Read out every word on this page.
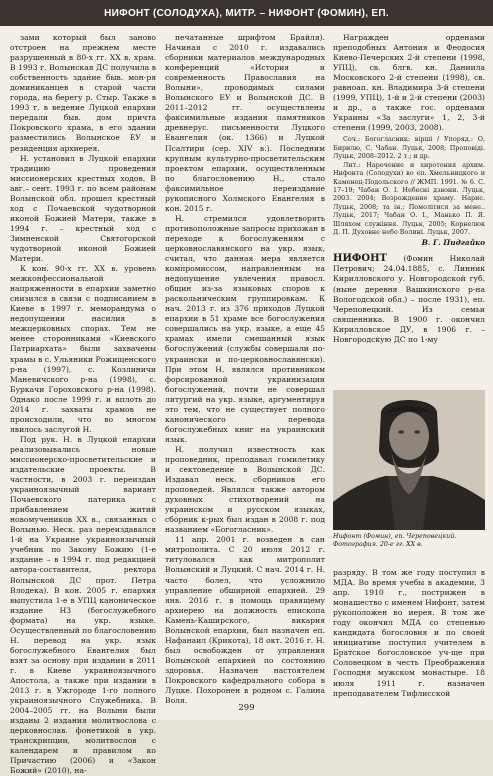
НИФОНТ (СОЛОДУХА), МИТР. – НИФОНТ (ФОМИН), ЕП.

зами который был заново отстроен на прежнем месте разрушенный в 80-х гг. XX в. храм. В 1993 г. Волынская ДС получила в собственность здание быв. мон-ря доминиканцев в старой части города, на берегу р. Стыр. Также в 1993 г. в ведение Луцкой епархии передали быв. дом причта Покровского храма, в его здании разместились Волынское ЕУ и резиденция архиерея.

Н. установил в Луцкой епархии традицию проведения миссионерских крестных ходов. В авг.– сент. 1993 г. по всем районам Волынской обл. прошел крестный ход с Почаевской чудотворной иконой Божией Матери, также в 1994 г. – крестный ход с Зимненской Святогорской чудотворной иконой Божией Матери.

К кон. 90-х гг. XX в. уровень межконфессиональной напряженности в епархии заметно снизился в связи с подписанием в Киеве в 1997 г. меморандума о недопущении насилия в межцерковных спорах. Тем не менее сторонниками «Киевского Патриархата» были захвачены храмы в с. Ульяники Рожищенского р-на (1997), с. Козлиничи Маневичского р-на (1998), с. Буркачи Гороховского р-на (1998). Однако после 1999 г. и вплоть до 2014 г. захваты храмов не происходили, что во многом явилось заслугой Н.

Под рук. Н. в Луцкой епархии реализовывались новые миссионерско-просветительские и издательские проекты. В частности, в 2003 г. переиздан украиноязычный вариант Почаевского патерика с прибавлением житий новомучеников ХХ в., связанных с Волынью. Неск. раз переиздавался 1-й на Украине украиноязычный учебник по Закону Божию (1-е издание – в 1994 г. под редакцией автора-составителя, ректора Волынской ДС прот. Петра Влодека). В кон. 2005 г. епархия выпустила 1-е в УПЦ каноническое издание НЗ (богослужебного формата) на укр. языке. Осуществленный по благословению Н. перевод на укр. язык богослужебного Евангелия был взят за основу при издании в 2011 г. в Киеве украиноязычного Апостола, а также при издании в 2013 г. в Ужгороде 1-го полного украиноязычного Служебника. В 2004–2005 гг. на Волыни были изданы 2 издания молитвослова с церковнослав. фонетикой в укр. транскрипции, молитвослов с календарем и правилом ко Причастию (2006) и «Закон Божий» (2010), на-

печатанные шрифтом Брайля). Начиная с 2010 г. издавались сборники материалов международных конференций «История и современность Православия на Волыни», проводимых силами Волынского ЕУ и Волынской ДС. В 2011–2012 гг. осуществлены факсимильные издания памятников древнерус. письменности Луцкого Евангелия (ок. 1366) и Луцкой Псалтири (сер. XIV в.). Последним крупным культурно-просветительским проектом епархии, осуществленным по благословению Н., стало факсимильное переиздание рукописного Холмского Евангелия в кон. 2015 г.

Н. стремился удовлетворять противоположные запросы прихожан в переходе к богослужениям с церковнославянского на укр. язык, считал, что данная мера является компромиссом, направленным на недопущение увлечения правосл. общин из-за языковых споров к раскольническим группировкам. К нач. 2013 г. из 376 приходов Луцкой епархии в 51 храме все богослужения совершались на укр. языке, а еще 45 храмах имели смешанный язык богослужений (службы совершали по-украински и по-церковнославянски). При этом Н. являлся противником форсированной украинизации богослужений, почти не совершал литургий на укр. языке, аргументируя это тем, что не существует полного канонического перевода богослужебных книг на украинский язык.

Н. получил известность как проповедник, преподавал гомилетику и сектоведение в Волынской ДС. Издавал неск. сборников его проповедей. Являлся также автором духовных стихотворений на украинском и русском языках, сборник к-рых был издан в 2008 г. под названием «Богогласник».

11 апр. 2001 г. возведен в сан митрополита. С 20 июля 2012 г. титуловался как митрополит Волынский и Луцкий. С нач. 2014 г. Н. часто болел, что усложнило управление обширной епархией. 29 янв. 2016 г. в помощь правящему архиерею на должность епископа Камень-Каширского, викария Волынской епархии, был назначен еп. Нафанаил (Крикота), 18 окт. 2016 г. Н. был освобожден от управления Волынской епархией по состоянию здоровья. Назначен настоятелем Покровского кафедрального собора в Луцке. Похоронен в родном с. Галина Воля.

Награжден орденами преподобных Антония и Феодосия Киево-Печерских 2-й степени (1998, УПЦ), св. блгв. кн. Даниила Московского 2-й степени (1998), св. равноап. кн. Владимира 3-й степени (1999, УПЦ), 1-й и 2-й степени (2003) и др., а также гос. орденами Украины «За заслуги» 1, 2, 3-й степени (1999, 2003, 2008).

Соч.: Богогласник: вірші / Упоряд.: О. Бирилю, С. Чабан. Луцьк, 2008; Проповіді. Луцьк, 2008–2012. 2 т.; и др.

Лит.: Наречение и хиротония архим. Нифонта (Солодухи) во еп. Хмельницкого и Каменец-Подольского // ЖМП. 1991. № 6. С. 17–19; Чабан О. І. Небесні дзвони. Луцьк, 2003. 2004; Возрождение храму. Нарис. Луцьк, 2008; та ін.; Помолітися за мене.. Луцьк, 2017; Чабан О. І., Манько П. Я. Шляхом служіння. Луцьк, 2005; Корнелюк Д. П. Духовне небо Волині. Луцьк, 2007.

В. Г. Пидгайко

НИФОНТ (Фомин Николай Петрович; 24.04.1885, с. Линник Кирилловского у. Новгородской губ. (ныне деревня Вашкинского р-на Вологодской обл.) – после 1931), еп. Череповецкий. Из семьи священника. В 1900 г. окончил Кирилловское ДУ, в 1906 г. – Новгородскую ДС по 1-му

Нифонт (Фомин), еп. Череповецкий. Фотография. 20-е гг. ХХ в.

разряду. В том же году поступил в МДА. Во время учебы в академии, 3 апр. 1910 г., пострижен в монашество с именем Нифонт, затем рукоположен во иерея. В том же году окончил МДА со степенью кандидата богословия и по своей инициативе поступил учителем в Братское богословское уч-ще при Соловецком в честь Преображения Господня мужском монастыре. 18 июля 1911 г. назначен преподавателем Тифлисской

299
